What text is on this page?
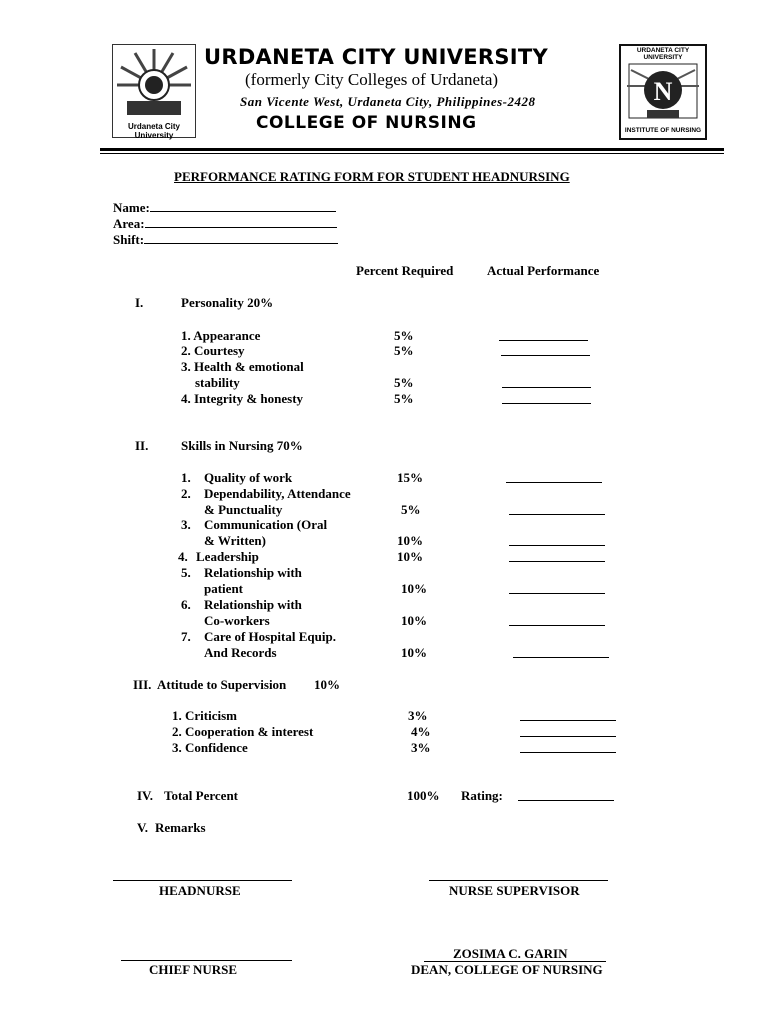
Urdaneta City University
URDANETA CITY UNIVERSITY
(formerly City Colleges of Urdaneta)
San Vicente West, Urdaneta City, Philippines-2428
COLLEGE OF NURSING
URDANETA CITY UNIVERSITY
N
INSTITUTE OF NURSING
PERFORMANCE RATING FORM FOR STUDENT HEADNURSING
Name:
Area:
Shift:
Percent Required	Actual Performance
I.	Personality 20%
1. Appearance	5%
2. Courtesy	5%
3. Health & emotional
stability	5%
4. Integrity & honesty	5%
II.	Skills in Nursing 70%
1. Quality of work	15%
2. Dependability, Attendance
& Punctuality	5%
3. Communication (Oral
& Written)	10%
4. Leadership	10%
5. Relationship with
patient	10%
6. Relationship with
Co-workers	10%
7. Care of Hospital Equip.
And Records	10%
III. Attitude to Supervision 10%
1. Criticism	3%
2. Cooperation & interest	4%
3. Confidence	3%
IV. Total Percent	100% Rating:
V. Remarks
HEADNURSE	NURSE SUPERVISOR
CHIEF NURSE
ZOSIMA C. GARIN
DEAN, COLLEGE OF NURSING
